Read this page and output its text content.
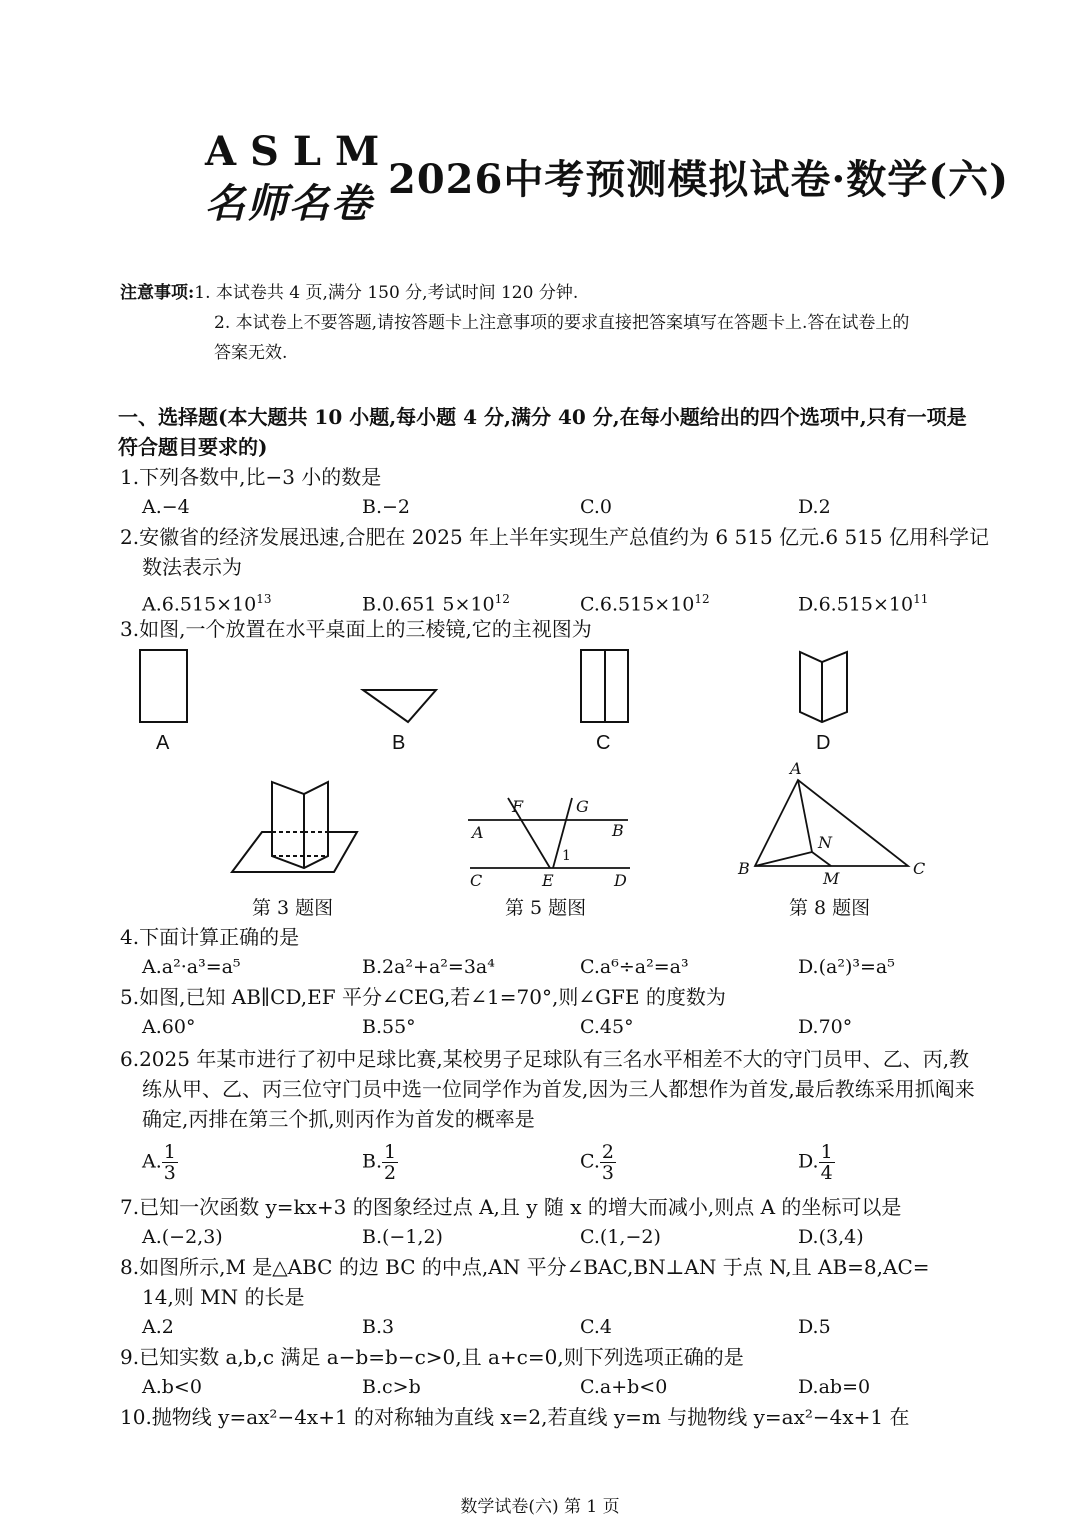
ASLM
名师名卷
2026中考预测模拟试卷·数学(六)
注意事项:1. 本试卷共 4 页,满分 150 分,考试时间 120 分钟.
2. 本试卷上不要答题,请按答题卡上注意事项的要求直接把答案填写在答题卡上.答在试卷上的
答案无效.
一、选择题(本大题共 10 小题,每小题 4 分,满分 40 分,在每小题给出的四个选项中,只有一项是
符合题目要求的)
1.下列各数中,比−3 小的数是
A.−4	B.−2	C.0	D.2
2.安徽省的经济发展迅速,合肥在 2025 年上半年实现生产总值约为 6 515 亿元.6 515 亿用科学记
数法表示为
$A.6.515\times 10^{13}$	B.0.651 $5\times 10^{12}$	$C.6.515\times 10^{12}$	$D.6.515\times 10^{11}$
3.如图,一个放置在水平桌面上的三棱镜,它的主视图为
A	B	C	D
F	G
A	B
1
C	E	D
A
N
B
M
C
第 3 题图	第 5 题图	第 8 题图
4.下面计算正确的是
A.a²·a³=a⁵	B.2a²+a²=3a⁴	C.a⁶÷a²=a³	D.(a²)³=a⁵
5.如图,已知 AB∥CD,EF 平分∠CEG,若∠1=70°,则∠GFE 的度数为
A.60°	B.55°	C.45°	D.70°
6.2025 年某市进行了初中足球比赛,某校男子足球队有三名水平相差不大的守门员甲、乙、丙,教
练从甲、乙、丙三位守门员中选一位同学作为首发,因为三人都想作为首发,最后教练采用抓阄来
确定,丙排在第三个抓,则丙作为首发的概率是
A. $\frac{1}{3}$	B. $\frac{1}{2}$	C. $\frac{2}{3}$	D. $\frac{1}{4}$
7.已知一次函数 y=kx+3 的图象经过点 A,且 y 随 x 的增大而减小,则点 A 的坐标可以是
A.(−2,3)	B.(−1,2)	C.(1,−2)	D.(3,4)
8.如图所示,M 是△ABC 的边 BC 的中点,AN 平分∠BAC,BN⊥AN 于点 N,且 AB=8,AC=
14,则 MN 的长是
A.2	B.3	C.4	D.5
9.已知实数 a,b,c 满足 a−b=b−c>0,且 a+c=0,则下列选项正确的是
A.b<0	B.c>b	C.a+b<0	D.ab=0
10.抛物线 y=ax²−4x+1 的对称轴为直线 x=2,若直线 y=m 与抛物线 y=ax²−4x+1 在
数学试卷(六) 第 1 页
